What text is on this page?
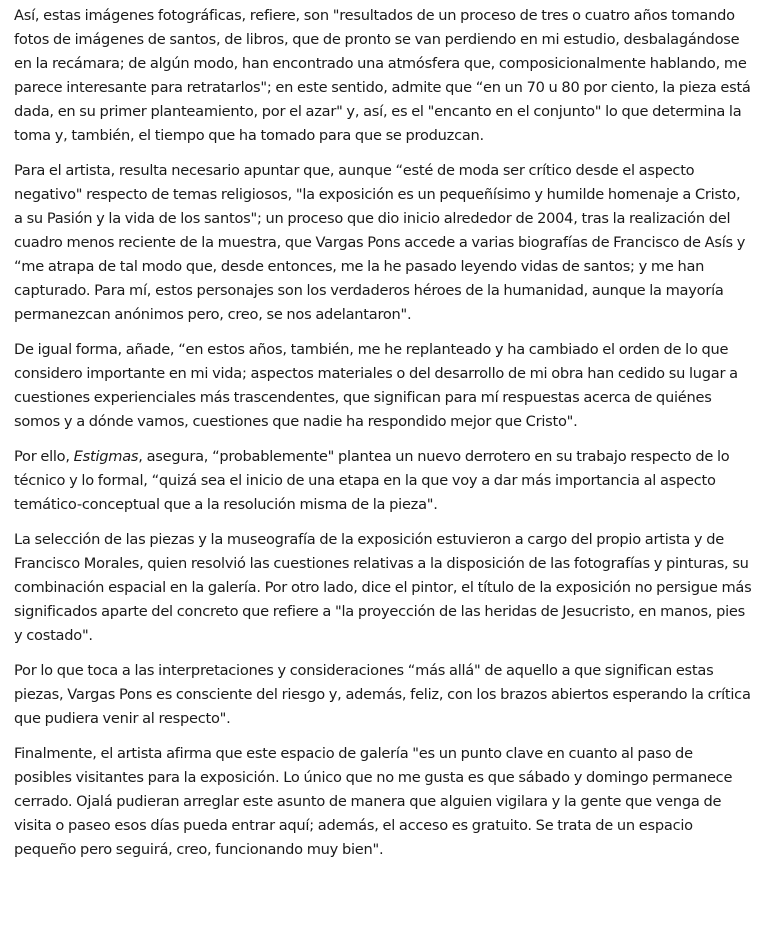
Así, estas imágenes fotográficas, refiere, son "resultados de un proceso de tres o cuatro años tomando fotos de imágenes de santos, de libros, que de pronto se van perdiendo en mi estudio, desbalagándose en la recámara; de algún modo, han encontrado una atmósfera que, composicionalmente hablando, me parece interesante para retratarlos"; en este sentido, admite que “en un 70 u 80 por ciento, la pieza está dada, en su primer planteamiento, por el azar" y, así, es el "encanto en el conjunto" lo que determina la toma y, también, el tiempo que ha tomado para que se produzcan.

Para el artista, resulta necesario apuntar que, aunque “esté de moda ser crítico desde el aspecto negativo" respecto de temas religiosos, "la exposición es un pequeñísimo y humilde homenaje a Cristo, a su Pasión y la vida de los santos"; un proceso que dio inicio alrededor de 2004, tras la realización del cuadro menos reciente de la muestra, que Vargas Pons accede a varias biografías de Francisco de Asís y “me atrapa de tal modo que, desde entonces, me la he pasado leyendo vidas de santos; y me han capturado. Para mí, estos personajes son los verdaderos héroes de la humanidad, aunque la mayoría permanezcan anónimos pero, creo, se nos adelantaron".

De igual forma, añade, “en estos años, también, me he replanteado y ha cambiado el orden de lo que considero importante en mi vida; aspectos materiales o del desarrollo de mi obra han cedido su lugar a cuestiones experienciales más trascendentes, que significan para mí respuestas acerca de quiénes somos y a dónde vamos, cuestiones que nadie ha respondido mejor que Cristo".

Por ello, Estigmas, asegura, “probablemente" plantea un nuevo derrotero en su trabajo respecto de lo técnico y lo formal, “quizá sea el inicio de una etapa en la que voy a dar más importancia al aspecto temático-conceptual que a la resolución misma de la pieza".

La selección de las piezas y la museografía de la exposición estuvieron a cargo del propio artista y de Francisco Morales, quien resolvió las cuestiones relativas a la disposición de las fotografías y pinturas, su combinación espacial en la galería. Por otro lado, dice el pintor, el título de la exposición no persigue más significados aparte del concreto que refiere a "la proyección de las heridas de Jesucristo, en manos, pies y costado".

Por lo que toca a las interpretaciones y consideraciones “más allá" de aquello a que significan estas piezas, Vargas Pons es consciente del riesgo y, además, feliz, con los brazos abiertos esperando la crítica que pudiera venir al respecto".

Finalmente, el artista afirma que este espacio de galería "es un punto clave en cuanto al paso de posibles visitantes para la exposición. Lo único que no me gusta es que sábado y domingo permanece cerrado. Ojalá pudieran arreglar este asunto de manera que alguien vigilara y la gente que venga de visita o paseo esos días pueda entrar aquí; además, el acceso es gratuito. Se trata de un espacio pequeño pero seguirá, creo, funcionando muy bien".
